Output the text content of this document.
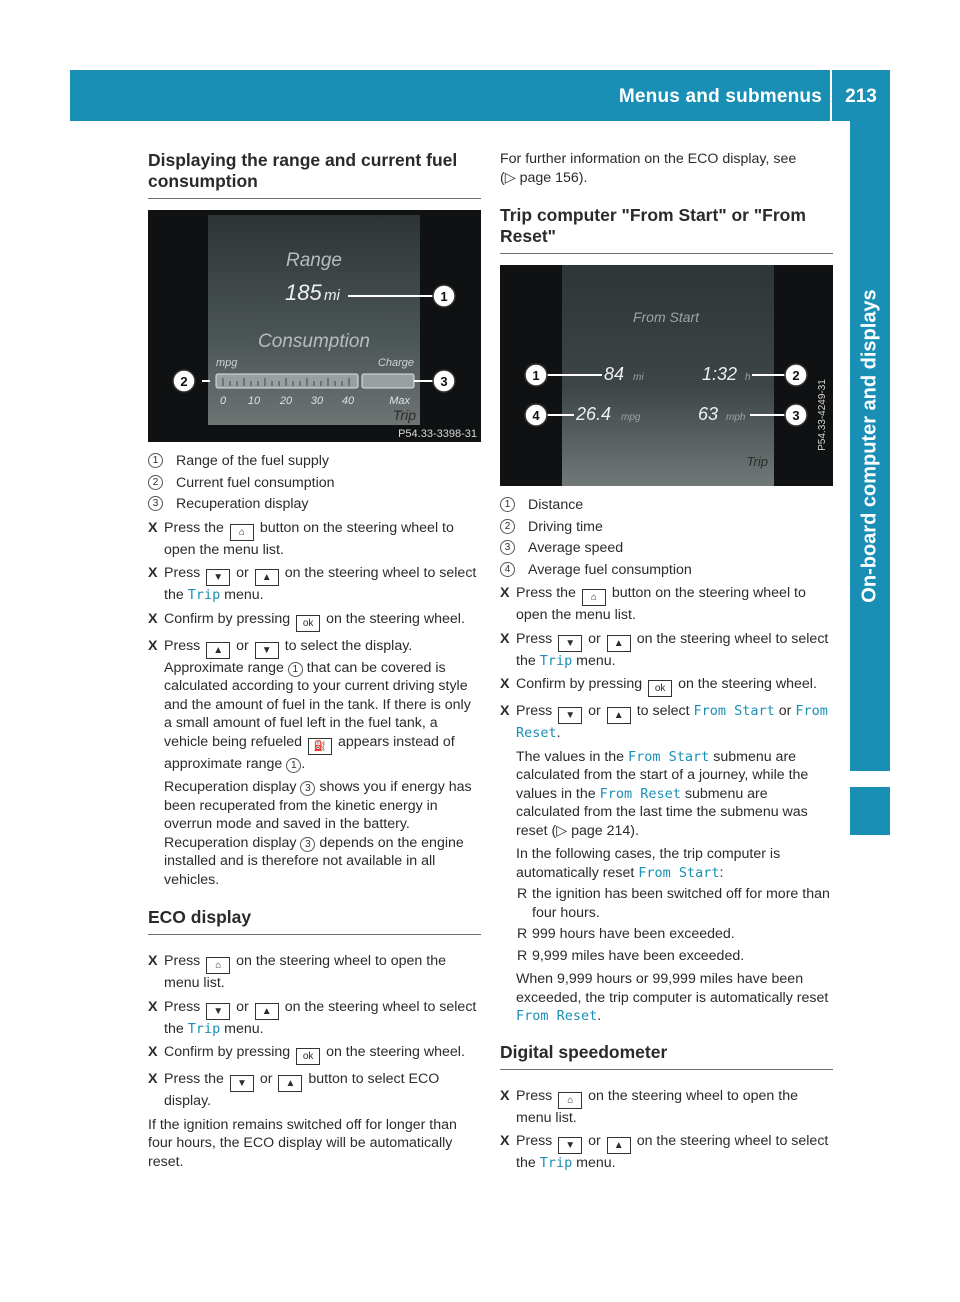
Menus and submenus	213
On-board computer and displays
Displaying the range and current fuel consumption
Range
185 mi
Consumption
mpg	Charge
0 10 20 30 40	Max
Trip
1
2	3
P54.33-3398-31
1	Range of the fuel supply
2	Current fuel consumption
3	Recuperation display
X Press the ⌂ button on the steering wheel to open the menu list.
X Press ▼ or ▲ on the steering wheel to select the Trip menu.
X Confirm by pressing ok on the steering wheel.
X Press ▲ or ▼ to select the display. Approximate range 1 that can be covered is calculated according to your current driving style and the amount of fuel in the tank. If there is only a small amount of fuel left in the fuel tank, a vehicle being refueled ⛽ appears instead of approximate range 1 .
Recuperation display 3 shows you if energy has been recuperated from the kinetic energy in overrun mode and saved in the battery. Recuperation display 3 depends on the engine installed and is therefore not available in all vehicles.
ECO display
X Press ⌂ on the steering wheel to open the menu list.
X Press ▼ or ▲ on the steering wheel to select the Trip menu.
X Confirm by pressing ok on the steering wheel.
X Press the ▼ or ▲ button to select ECO display.
If the ignition remains switched off for longer than four hours, the ECO display will be automatically reset.
For further information on the ECO display, see
(▷ page 156).
Trip computer "From Start" or "From Reset"
From Start
84 mi	1:32 h
26.4 mpg	63 mph
Trip
1	2
3
4	P54.33-4249-31
1	Distance
2	Driving time
3	Average speed
4	Average fuel consumption
X Press the ⌂ button on the steering wheel to open the menu list.
X Press ▼ or ▲ on the steering wheel to select the Trip menu.
X Confirm by pressing ok on the steering wheel.
X Press ▼ or ▲ to select From Start or From Reset.
The values in the From Start submenu are calculated from the start of a journey, while the values in the From Reset submenu are calculated from the last time the submenu was reset (▷ page 214).
In the following cases, the trip computer is automatically reset From Start:
R the ignition has been switched off for more than four hours.
R 999 hours have been exceeded.
R 9,999 miles have been exceeded.
When 9,999 hours or 99,999 miles have been exceeded, the trip computer is automatically reset From Reset.
Digital speedometer
X Press ⌂ on the steering wheel to open the menu list.
X Press ▼ or ▲ on the steering wheel to select the Trip menu.
